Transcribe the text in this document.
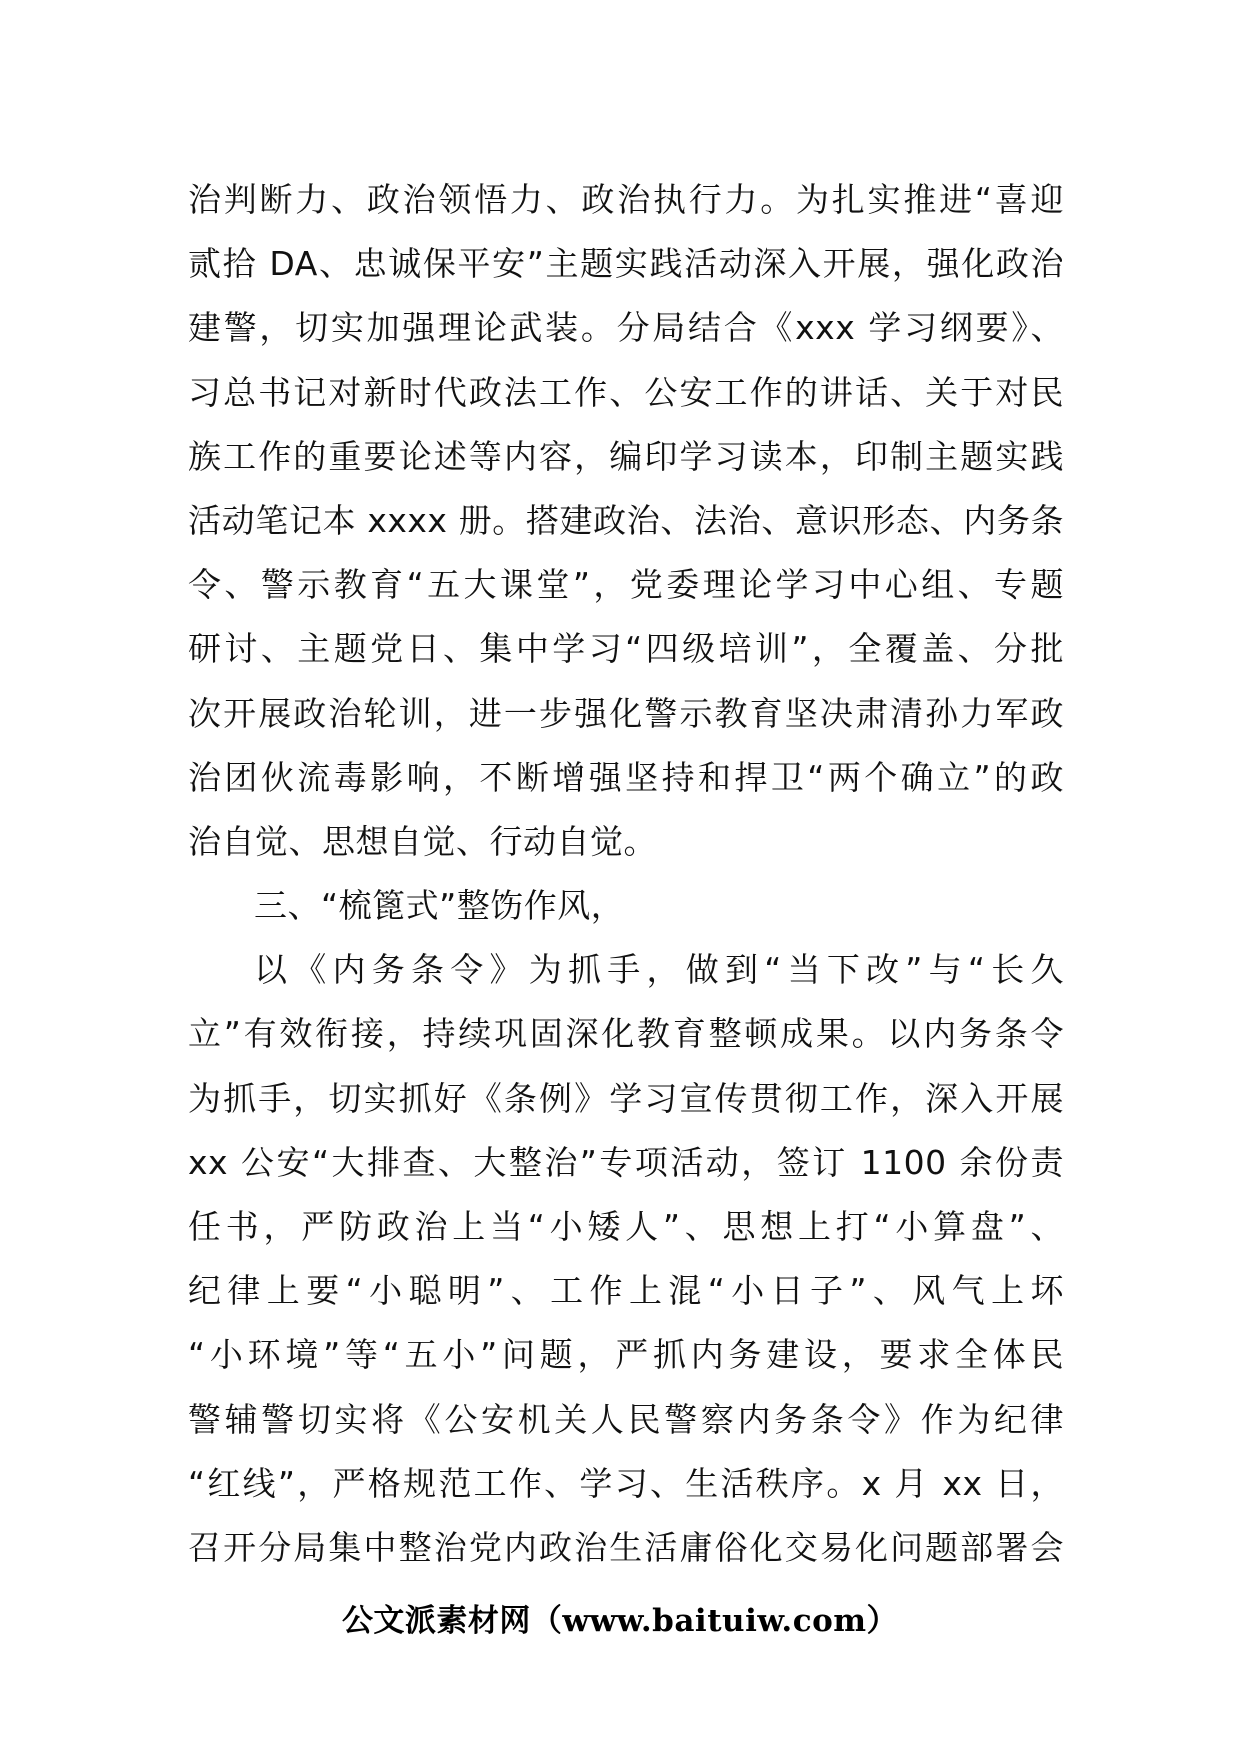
治判断力、政治领悟力、政治执行力。为扎实推进“喜迎
贰拾 DA、忠诚保平安”主题实践活动深入开展，强化政治
建警，切实加强理论武装。分局结合《xxx 学习纲要》、
习总书记对新时代政法工作、公安工作的讲话、关于对民
族工作的重要论述等内容，编印学习读本，印制主题实践
活动笔记本 xxxx 册。搭建政治、法治、意识形态、内务条
令、警示教育“五大课堂”，党委理论学习中心组、专题
研讨、主题党日、集中学习“四级培训”，全覆盖、分批
次开展政治轮训，进一步强化警示教育坚决肃清孙力军政
治团伙流毒影响，不断增强坚持和捍卫“两个确立”的政
治自觉、思想自觉、行动自觉。
三、“梳篦式”整饬作风，
以《内务条令》为抓手，做到“当下改”与“长久
立”有效衔接，持续巩固深化教育整顿成果。以内务条令
为抓手，切实抓好《条例》学习宣传贯彻工作，深入开展
xx 公安“大排查、大整治”专项活动，签订 1100 余份责
任书，严防政治上当“小矮人”、思想上打“小算盘”、
纪律上要“小聪明”、工作上混“小日子”、风气上坏
“小环境”等“五小”问题，严抓内务建设，要求全体民
警辅警切实将《公安机关人民警察内务条令》作为纪律
“红线”，严格规范工作、学习、生活秩序。x 月 xx 日，
召开分局集中整治党内政治生活庸俗化交易化问题部署会
公文派素材网（www.baituiw.com）
